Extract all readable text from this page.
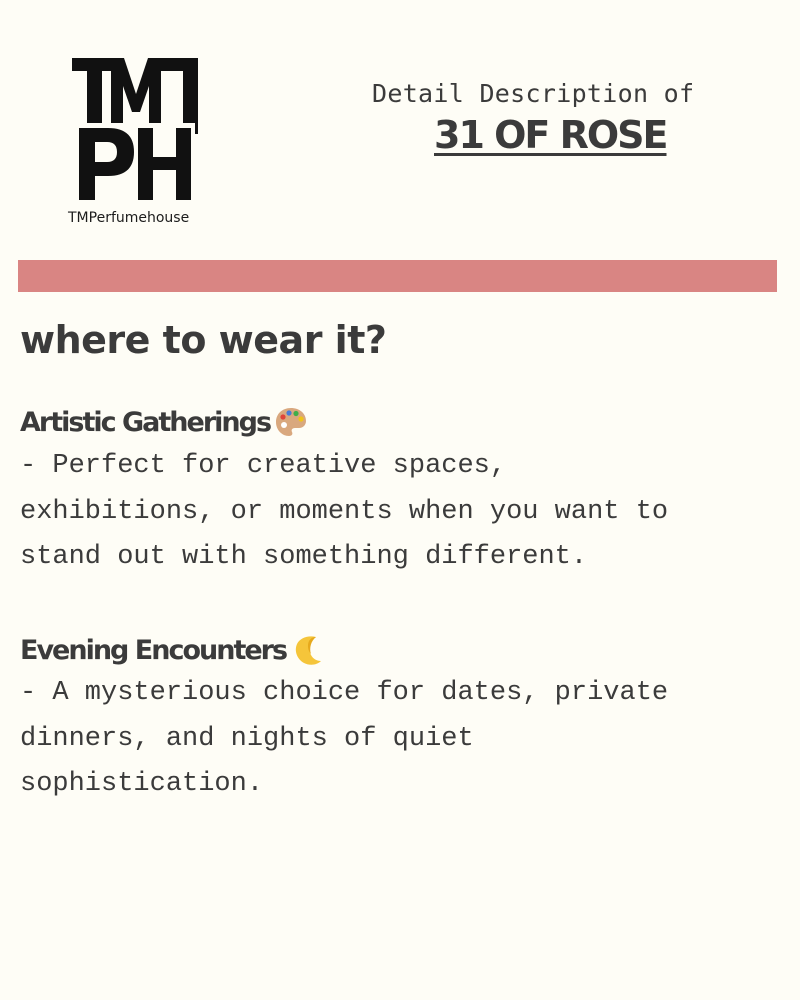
TMPerfumehouse
Detail Description of
31 OF ROSE
where to wear it?
Artistic Gatherings
- Perfect for creative spaces,
exhibitions, or moments when you want to
stand out with something different.
Evening Encounters
- A mysterious choice for dates, private
dinners, and nights of quiet
sophistication.
